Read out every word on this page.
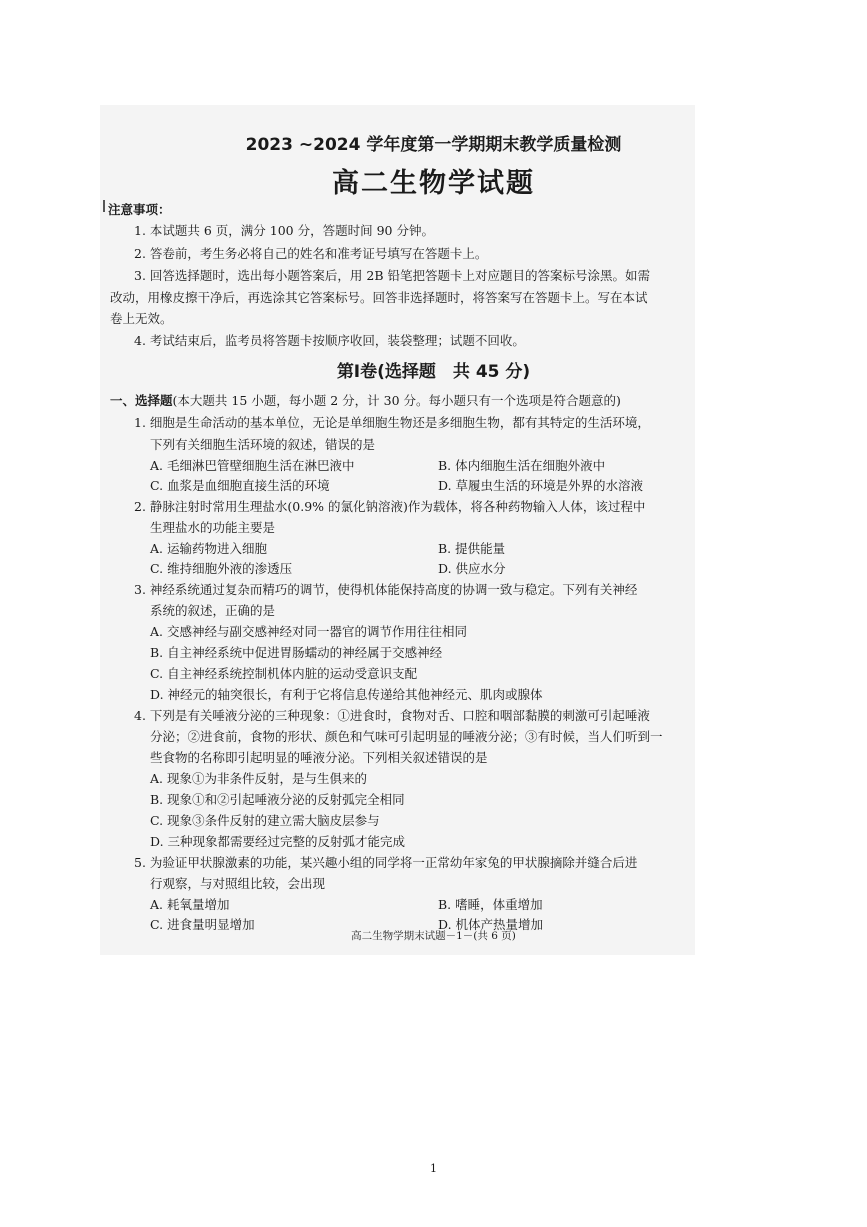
2023 ~2024 学年度第一学期期末教学质量检测
高二生物学试题
注意事项：
1. 本试题共 6 页，满分 100 分，答题时间 90 分钟。
2. 答卷前，考生务必将自己的姓名和准考证号填写在答题卡上。
3. 回答选择题时，选出每小题答案后，用 2B 铅笔把答题卡上对应题目的答案标号涂黑。如需
改动，用橡皮擦干净后，再选涂其它答案标号。回答非选择题时，将答案写在答题卡上。写在本试
卷上无效。
4. 考试结束后，监考员将答题卡按顺序收回，装袋整理；试题不回收。
第Ⅰ卷(选择题　共 45 分)
一、选择题(本大题共 15 小题，每小题 2 分，计 30 分。每小题只有一个选项是符合题意的)
1. 细胞是生命活动的基本单位，无论是单细胞生物还是多细胞生物，都有其特定的生活环境，
下列有关细胞生活环境的叙述，错误的是
A. 毛细淋巴管壁细胞生活在淋巴液中	B. 体内细胞生活在细胞外液中
C. 血浆是血细胞直接生活的环境	D. 草履虫生活的环境是外界的水溶液
2. 静脉注射时常用生理盐水(0.9% 的氯化钠溶液)作为载体，将各种药物输入人体，该过程中
生理盐水的功能主要是
A. 运输药物进入细胞	B. 提供能量
C. 维持细胞外液的渗透压	D. 供应水分
3. 神经系统通过复杂而精巧的调节，使得机体能保持高度的协调一致与稳定。下列有关神经
系统的叙述，正确的是
A. 交感神经与副交感神经对同一器官的调节作用往往相同
B. 自主神经系统中促进胃肠蠕动的神经属于交感神经
C. 自主神经系统控制机体内脏的运动受意识支配
D. 神经元的轴突很长，有利于它将信息传递给其他神经元、肌肉或腺体
4. 下列是有关唾液分泌的三种现象：①进食时，食物对舌、口腔和咽部黏膜的刺激可引起唾液
分泌；②进食前，食物的形状、颜色和气味可引起明显的唾液分泌；③有时候，当人们听到一
些食物的名称即引起明显的唾液分泌。下列相关叙述错误的是
A. 现象①为非条件反射，是与生俱来的
B. 现象①和②引起唾液分泌的反射弧完全相同
C. 现象③条件反射的建立需大脑皮层参与
D. 三种现象都需要经过完整的反射弧才能完成
5. 为验证甲状腺激素的功能，某兴趣小组的同学将一正常幼年家兔的甲状腺摘除并缝合后进
行观察，与对照组比较，会出现
A. 耗氧量增加	B. 嗜睡，体重增加
C. 进食量明显增加	D. 机体产热量增加
高二生物学期末试题－1－(共 6 页)
1
